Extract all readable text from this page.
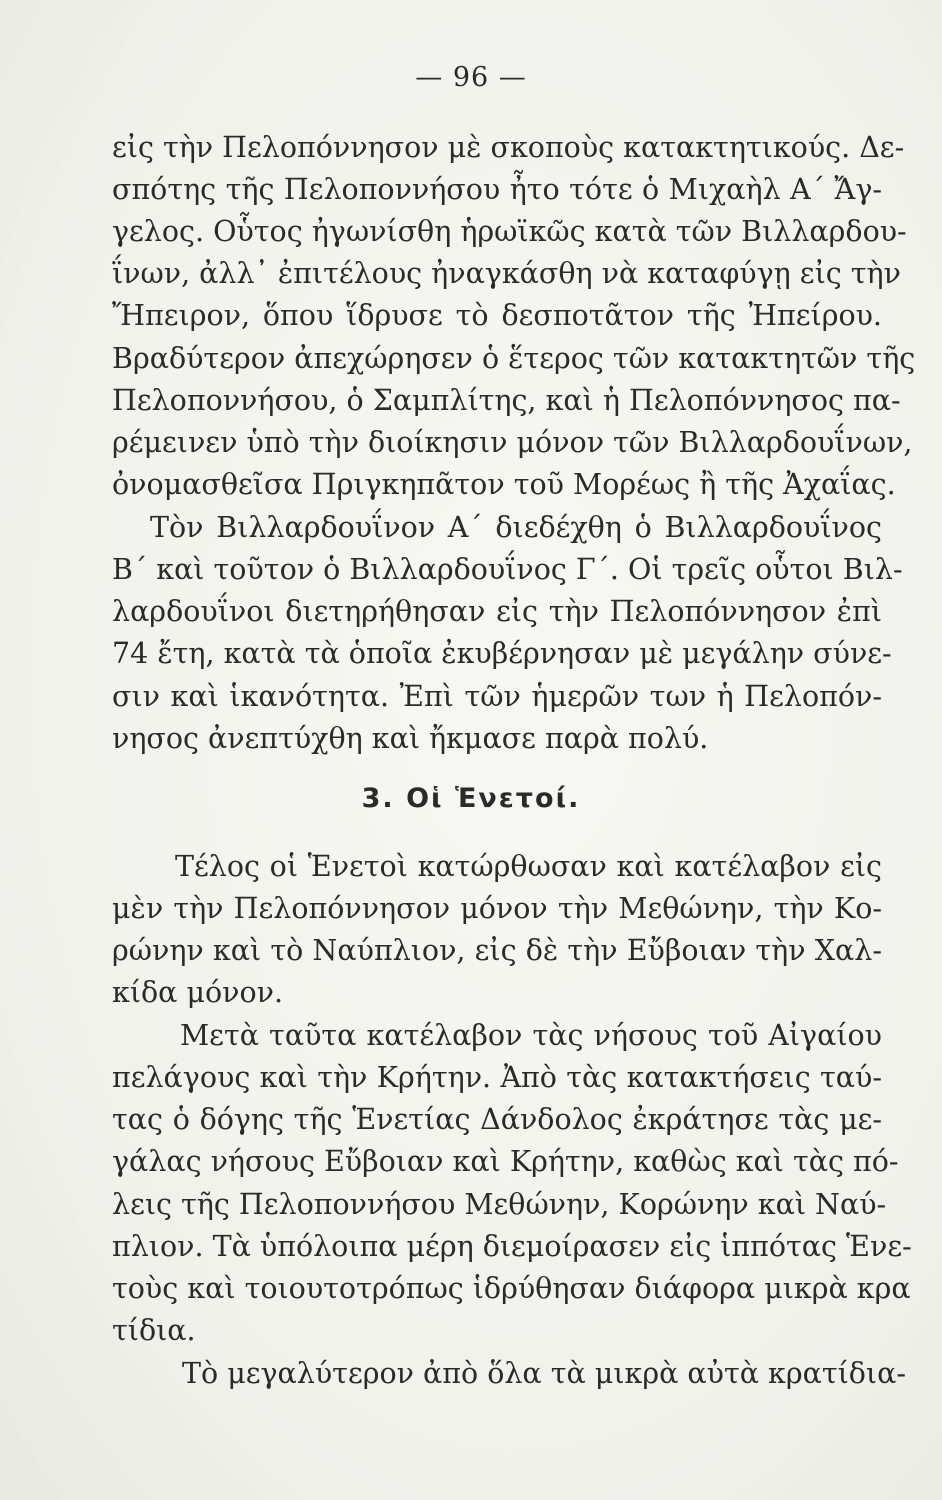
— 96 —
εἰς τὴν Πελοπόννησον μὲ σκοποὺς κατακτητικούς. Δε-
σπότης τῆς Πελοποννήσου ἦτο τότε ὁ Μιχαὴλ Α΄ Ἄγ-
γελος. Οὗτος ἠγωνίσθη ἡρωϊκῶς κατὰ τῶν Βιλλαρδου-
ΐνων, ἀλλ᾿ ἐπιτέλους ἠναγκάσθη νὰ καταφύγῃ εἰς τὴν
Ἤπειρον, ὅπου ἵδρυσε τὸ δεσποτᾶτον τῆς Ἠπείρου.
Βραδύτερον ἀπεχώρησεν ὁ ἕτερος τῶν κατακτητῶν τῆς
Πελοποννήσου, ὁ Σαμπλίτης, καὶ ἡ Πελοπόννησος πα-
ρέμεινεν ὑπὸ τὴν διοίκησιν μόνον τῶν Βιλλαρδουΐνων,
ὀνομασθεῖσα Πριγκηπᾶτον τοῦ Μορέως ἢ τῆς Ἀχαΐας.
Τὸν Βιλλαρδουΐνον Α΄ διεδέχθη ὁ Βιλλαρδουΐνος
Β΄ καὶ τοῦτον ὁ Βιλλαρδουΐνος Γ΄. Οἱ τρεῖς οὗτοι Βιλ-
λαρδουΐνοι διετηρήθησαν εἰς τὴν Πελοπόννησον ἐπὶ
74 ἔτη, κατὰ τὰ ὁποῖα ἐκυβέρνησαν μὲ μεγάλην σύνε-
σιν καὶ ἱκανότητα. Ἐπὶ τῶν ἡμερῶν των ἡ Πελοπόν-
νησος ἀνεπτύχθη καὶ ἤκμασε παρὰ πολύ.
3. Οἱ Ἑνετοί.
Τέλος οἱ Ἑνετοὶ κατώρθωσαν καὶ κατέλαβον εἰς
μὲν τὴν Πελοπόννησον μόνον τὴν Μεθώνην, τὴν Κο-
ρώνην καὶ τὸ Ναύπλιον, εἰς δὲ τὴν Εὔβοιαν τὴν Χαλ-
κίδα μόνον.
Μετὰ ταῦτα κατέλαβον τὰς νήσους τοῦ Αἰγαίου
πελάγους καὶ τὴν Κρήτην. Ἀπὸ τὰς κατακτήσεις ταύ-
τας ὁ δόγης τῆς Ἑνετίας Δάνδολος ἐκράτησε τὰς με-
γάλας νήσους Εὔβοιαν καὶ Κρήτην, καθὼς καὶ τὰς πό-
λεις τῆς Πελοποννήσου Μεθώνην, Κορώνην καὶ Ναύ-
πλιον. Τὰ ὑπόλοιπα μέρη διεμοίρασεν εἰς ἱππότας Ἑνε-
τοὺς καὶ τοιουτοτρόπως ἱδρύθησαν διάφορα μικρὰ κρα
τίδια.
Τὸ μεγαλύτερον ἀπὸ ὅλα τὰ μικρὰ αὐτὰ κρατίδια-
